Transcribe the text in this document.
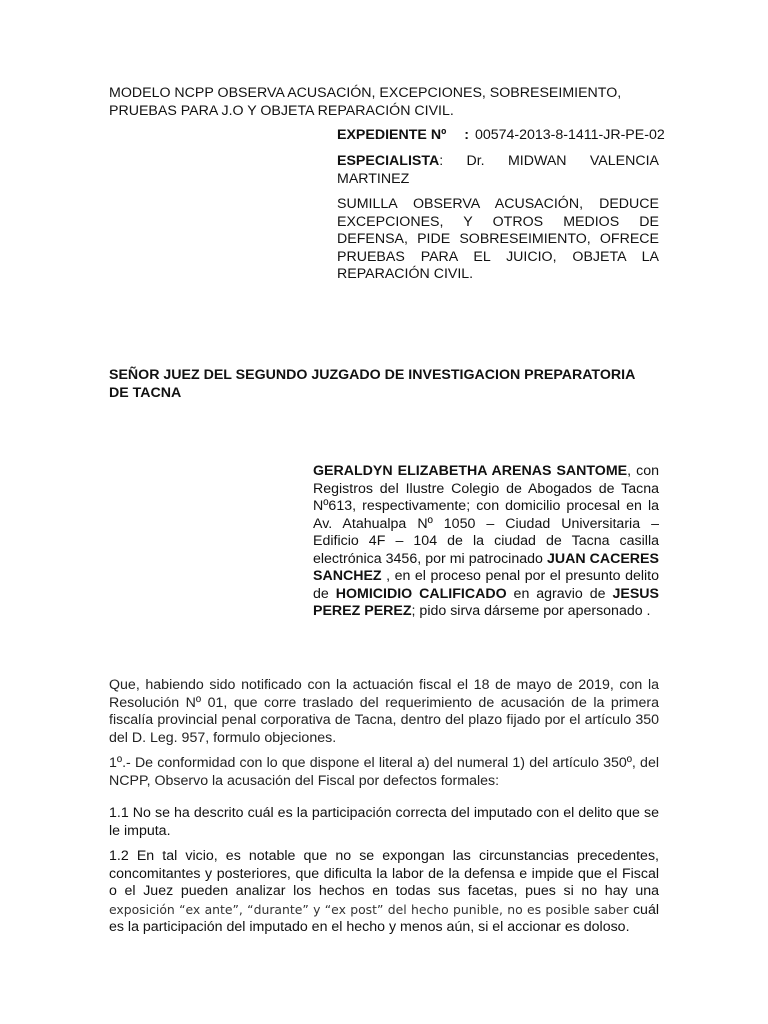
MODELO NCPP OBSERVA ACUSACIÓN, EXCEPCIONES, SOBRESEIMIENTO, PRUEBAS PARA J.O Y OBJETA REPARACIÓN CIVIL.
EXPEDIENTE Nº : 00574-2013-8-1411-JR-PE-02
ESPECIALISTA: Dr. MIDWAN VALENCIA MARTINEZ
SUMILLA OBSERVA ACUSACIÓN, DEDUCE EXCEPCIONES, Y OTROS MEDIOS DE DEFENSA, PIDE SOBRESEIMIENTO, OFRECE PRUEBAS PARA EL JUICIO, OBJETA LA REPARACIÓN CIVIL.
SEÑOR JUEZ DEL SEGUNDO JUZGADO DE INVESTIGACION PREPARATORIA DE TACNA
GERALDYN ELIZABETHA ARENAS SANTOME, con Registros del Ilustre Colegio de Abogados de Tacna Nº613, respectivamente; con domicilio procesal en la Av. Atahualpa Nº 1050 – Ciudad Universitaria – Edificio 4F – 104 de la ciudad de Tacna casilla electrónica 3456, por mi patrocinado JUAN CACERES SANCHEZ , en el proceso penal por el presunto delito de HOMICIDIO CALIFICADO en agravio de JESUS PEREZ PEREZ; pido sirva dárseme por apersonado .
Que, habiendo sido notificado con la actuación fiscal el 18 de mayo de 2019, con la Resolución Nº 01, que corre traslado del requerimiento de acusación de la primera fiscalía provincial penal corporativa de Tacna, dentro del plazo fijado por el artículo 350 del D. Leg. 957, formulo objeciones.
1º.- De conformidad con lo que dispone el literal a) del numeral 1) del artículo 350º, del NCPP, Observo la acusación del Fiscal por defectos formales:
1.1 No se ha descrito cuál es la participación correcta del imputado con el delito que se le imputa.
1.2 En tal vicio, es notable que no se expongan las circunstancias precedentes, concomitantes y posteriores, que dificulta la labor de la defensa e impide que el Fiscal o el Juez pueden analizar los hechos en todas sus facetas, pues si no hay una exposición “ex ante”, “durante” y “ex post” del hecho punible, no es posible saber cuál es la participación del imputado en el hecho y menos aún, si el accionar es doloso.
